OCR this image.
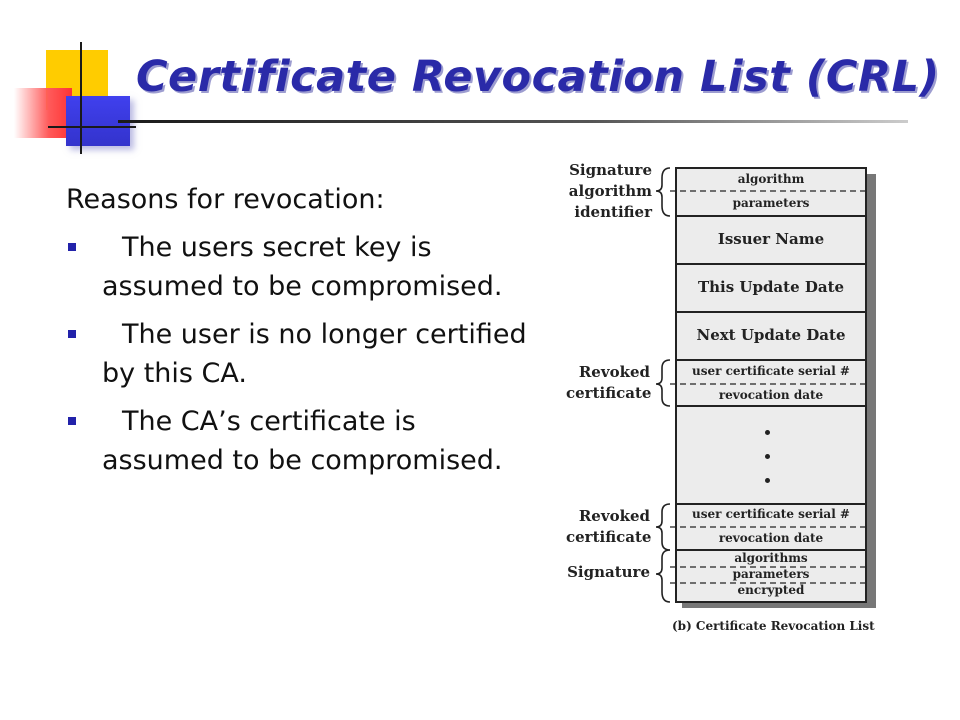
Certificate Revocation List (CRL)

Reasons for revocation:

The users secret key is assumed to be compromised.
The user is no longer certified by this CA.
The CA’s certificate is assumed to be compromised.
Signature
algorithm
identifier
Revoked
certificate
Revoked
certificate
Signature
algorithm
parameters
Issuer Name
This Update Date
Next Update Date
user certificate serial #
revocation date
user certificate serial #
revocation date
algorithms
parameters
encrypted
(b) Certificate Revocation List
